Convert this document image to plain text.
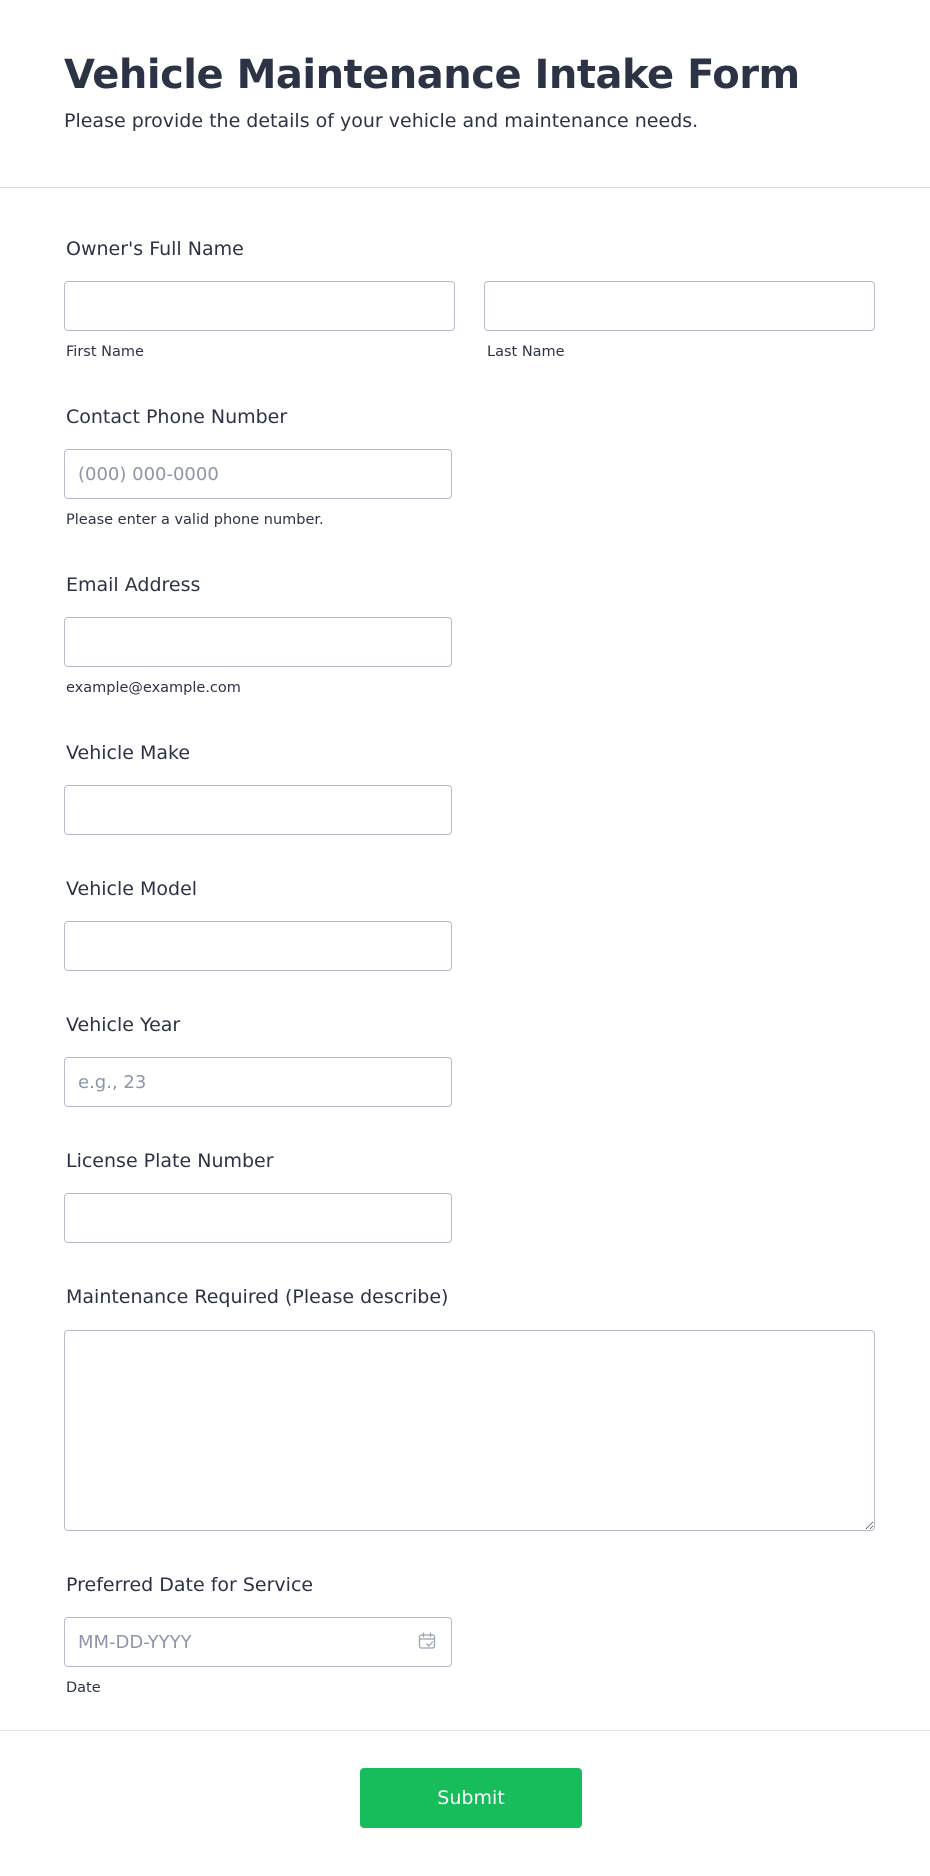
Vehicle Maintenance Intake Form

Please provide the details of your vehicle and maintenance needs.

Owner's Full Name
First Name	Last Name
Contact Phone Number
(000) 000-0000
Please enter a valid phone number.
Email Address
example@example.com
Vehicle Make
Vehicle Model
Vehicle Year
e.g., 23
License Plate Number
Maintenance Required (Please describe)
Preferred Date for Service
MM-DD-YYYY
Date
Submit
